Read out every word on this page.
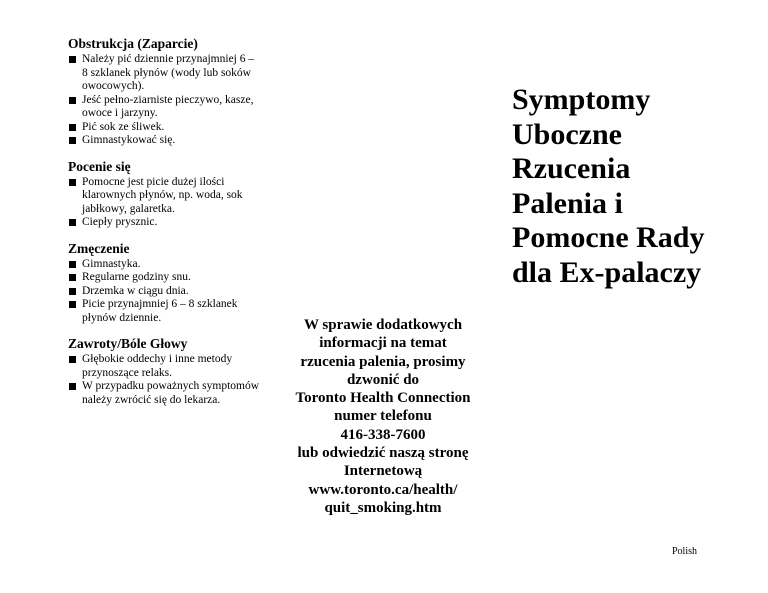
Obstrukcja (Zaparcie)
Należy pić dziennie przynajmniej 6 – 8 szklanek płynów (wody lub soków owocowych).
Jeść pełno-ziarniste pieczywo, kasze, owoce i jarzyny.
Pić sok ze śliwek.
Gimnastykować się.
Pocenie się
Pomocne jest picie dużej ilości klarownych płynów, np. woda, sok jabłkowy, galaretka.
Ciepły prysznic.
Zmęczenie
Gimnastyka.
Regularne godziny snu.
Drzemka w ciągu dnia.
Picie przynajmniej 6 – 8 szklanek płynów dziennie.
Zawroty/Bóle Głowy
Głębokie oddechy i inne metody przynoszące relaks.
W przypadku poważnych symptomów należy zwrócić się do lekarza.
W sprawie dodatkowych
informacji na temat
rzucenia palenia, prosimy
dzwonić do
Toronto Health Connection
numer telefonu
416-338-7600
lub odwiedzić naszą stronę
Internetową
www.toronto.ca/health/
quit_smoking.htm
Symptomy
Uboczne
Rzucenia
Palenia i
Pomocne Rady
dla Ex-palaczy
Polish
